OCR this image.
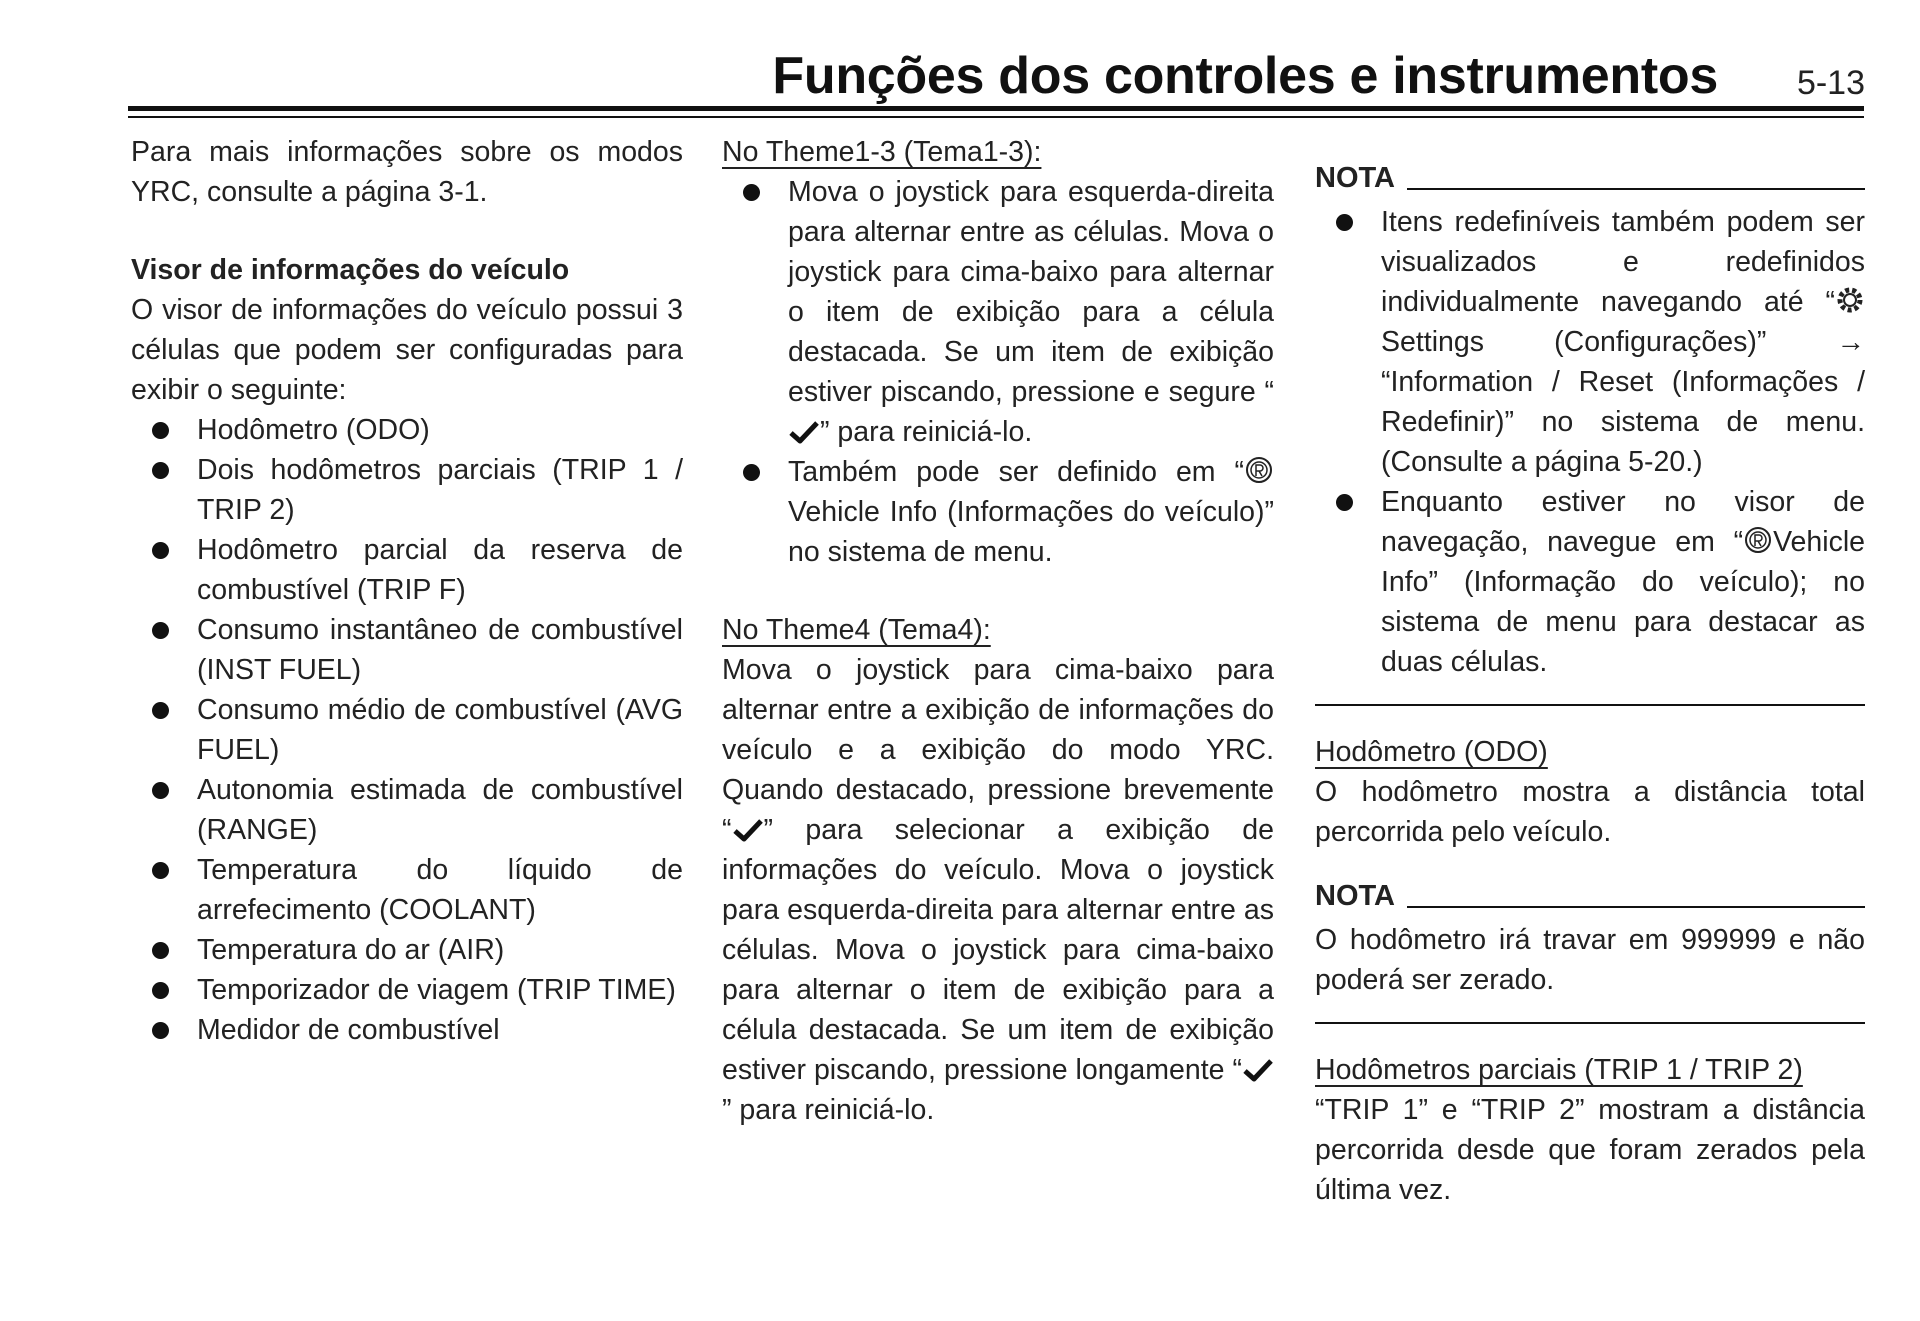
Funções dos controles e instrumentos 5-13

Para mais informações sobre os modos YRC, consulte a página 3-1.

Visor de informações do veículo

O visor de informações do veículo possui 3 células que podem ser configuradas para exibir o seguinte:

Hodômetro (ODO)
Dois hodômetros parciais (TRIP 1 / TRIP 2)
Hodômetro parcial da reserva de combustível (TRIP F)
Consumo instantâneo de combustível (INST FUEL)
Consumo médio de combustível (AVG FUEL)
Autonomia estimada de combustível (RANGE)
Temperatura do líquido de arrefecimento (COOLANT)
Temperatura do ar (AIR)
Temporizador de viagem (TRIP TIME)
Medidor de combustível

No Theme1-3 (Tema1-3):

Mova o joystick para esquerda-direita para alternar entre as células. Mova o joystick para cima-baixo para alternar o item de exibição para a célula destacada. Se um item de exibição estiver piscando, pressione e segure “” para reiniciá-lo.
Também pode ser definido em “ Vehicle Info (Informações do veículo)” no sistema de menu.

No Theme4 (Tema4):

Mova o joystick para cima-baixo para alternar entre a exibição de informações do veículo e a exibição do modo YRC. Quando destacado, pressione brevemente “ ” para selecionar a exibição de informações do veículo. Mova o joystick para esquerda-direita para alternar entre as células. Mova o joystick para cima-baixo para alternar o item de exibição para a célula destacada. Se um item de exibição estiver piscando, pressione longamente “” para reiniciá-lo.

NOTA
Itens redefiníveis também podem ser visualizados e redefinidos individualmente navegando até “ Settings (Configurações)” → “Information / Reset (Informações / Redefinir)” no sistema de menu. (Consulte a página 5-20.)
Enquanto estiver no visor de navegação, navegue em “ Vehicle Info” (Informação do veículo); no sistema de menu para destacar as duas células.

Hodômetro (ODO)

O hodômetro mostra a distância total percorrida pelo veículo.

NOTA

O hodômetro irá travar em 999999 e não poderá ser zerado.

Hodômetros parciais (TRIP 1 / TRIP 2)

“TRIP 1” e “TRIP 2” mostram a distância percorrida desde que foram zerados pela última vez.
